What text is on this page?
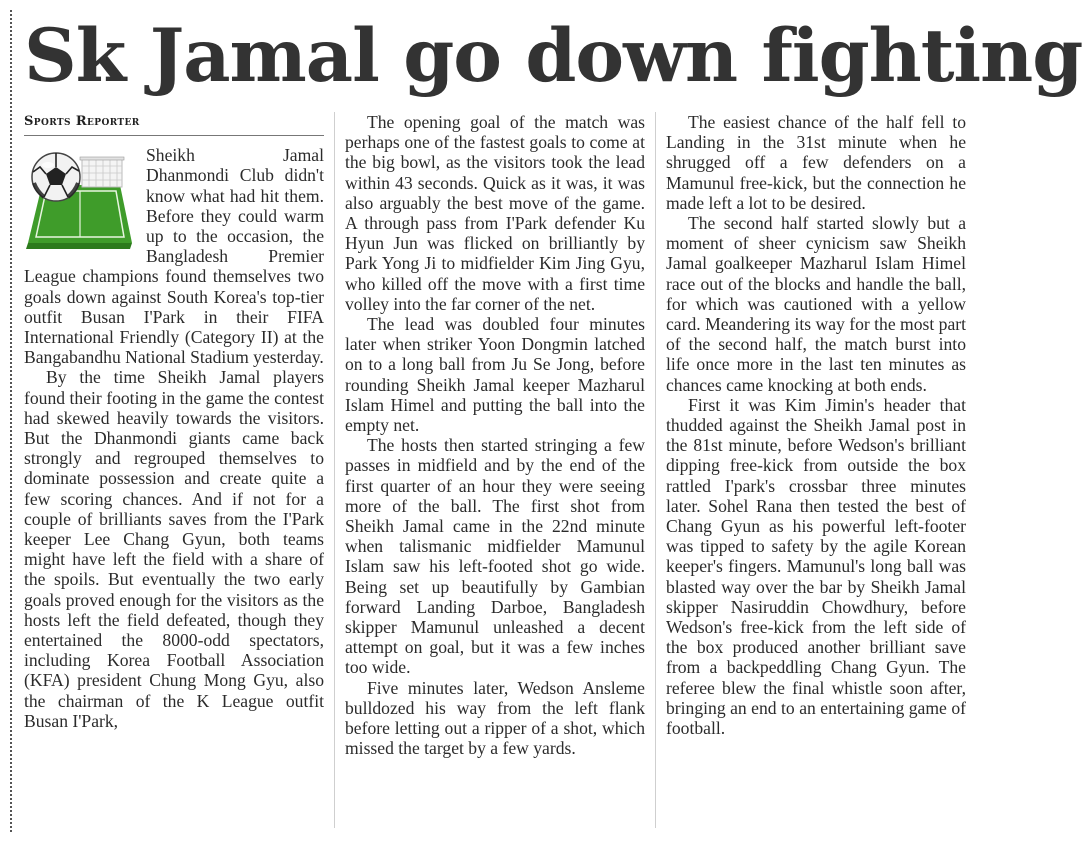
Sk Jamal go down fighting
Sports Reporter

Sheikh Jamal Dhanmondi Club didn't know what had hit them. Before they could warm up to the occasion, the Bangladesh Premier League champions found themselves two goals down against South Korea's top-tier outfit Busan I'Park in their FIFA International Friendly (Category II) at the Bangabandhu National Stadium yesterday.

By the time Sheikh Jamal players found their footing in the game the contest had skewed heavily towards the visitors. But the Dhanmondi giants came back strongly and regrouped themselves to dominate possession and create quite a few scoring chances. And if not for a couple of brilliants saves from the I'Park keeper Lee Chang Gyun, both teams might have left the field with a share of the spoils. But eventually the two early goals proved enough for the visitors as the hosts left the field defeated, though they entertained the 8000-odd spectators, including Korea Football Association (KFA) president Chung Mong Gyu, also the chairman of the K League outfit Busan I'Park,

The opening goal of the match was perhaps one of the fastest goals to come at the big bowl, as the visitors took the lead within 43 seconds. Quick as it was, it was also arguably the best move of the game. A through pass from I'Park defender Ku Hyun Jun was flicked on brilliantly by Park Yong Ji to midfielder Kim Jing Gyu, who killed off the move with a first time volley into the far corner of the net.

The lead was doubled four minutes later when striker Yoon Dongmin latched on to a long ball from Ju Se Jong, before rounding Sheikh Jamal keeper Mazharul Islam Himel and putting the ball into the empty net.

The hosts then started stringing a few passes in midfield and by the end of the first quarter of an hour they were seeing more of the ball. The first shot from Sheikh Jamal came in the 22nd minute when talismanic midfielder Mamunul Islam saw his left-footed shot go wide. Being set up beautifully by Gambian forward Landing Darboe, Bangladesh skipper Mamunul unleashed a decent attempt on goal, but it was a few inches too wide.

Five minutes later, Wedson Ansleme bulldozed his way from the left flank before letting out a ripper of a shot, which missed the target by a few yards.

The easiest chance of the half fell to Landing in the 31st minute when he shrugged off a few defenders on a Mamunul free-kick, but the connection he made left a lot to be desired.

The second half started slowly but a moment of sheer cynicism saw Sheikh Jamal goalkeeper Mazharul Islam Himel race out of the blocks and handle the ball, for which was cautioned with a yellow card. Meandering its way for the most part of the second half, the match burst into life once more in the last ten minutes as chances came knocking at both ends.

First it was Kim Jimin's header that thudded against the Sheikh Jamal post in the 81st minute, before Wedson's brilliant dipping free-kick from outside the box rattled I'park's crossbar three minutes later. Sohel Rana then tested the best of Chang Gyun as his powerful left-footer was tipped to safety by the agile Korean keeper's fingers. Mamunul's long ball was blasted way over the bar by Sheikh Jamal skipper Nasiruddin Chowdhury, before Wedson's free-kick from the left side of the box produced another brilliant save from a backpeddling Chang Gyun. The referee blew the final whistle soon after, bringing an end to an entertaining game of football.
